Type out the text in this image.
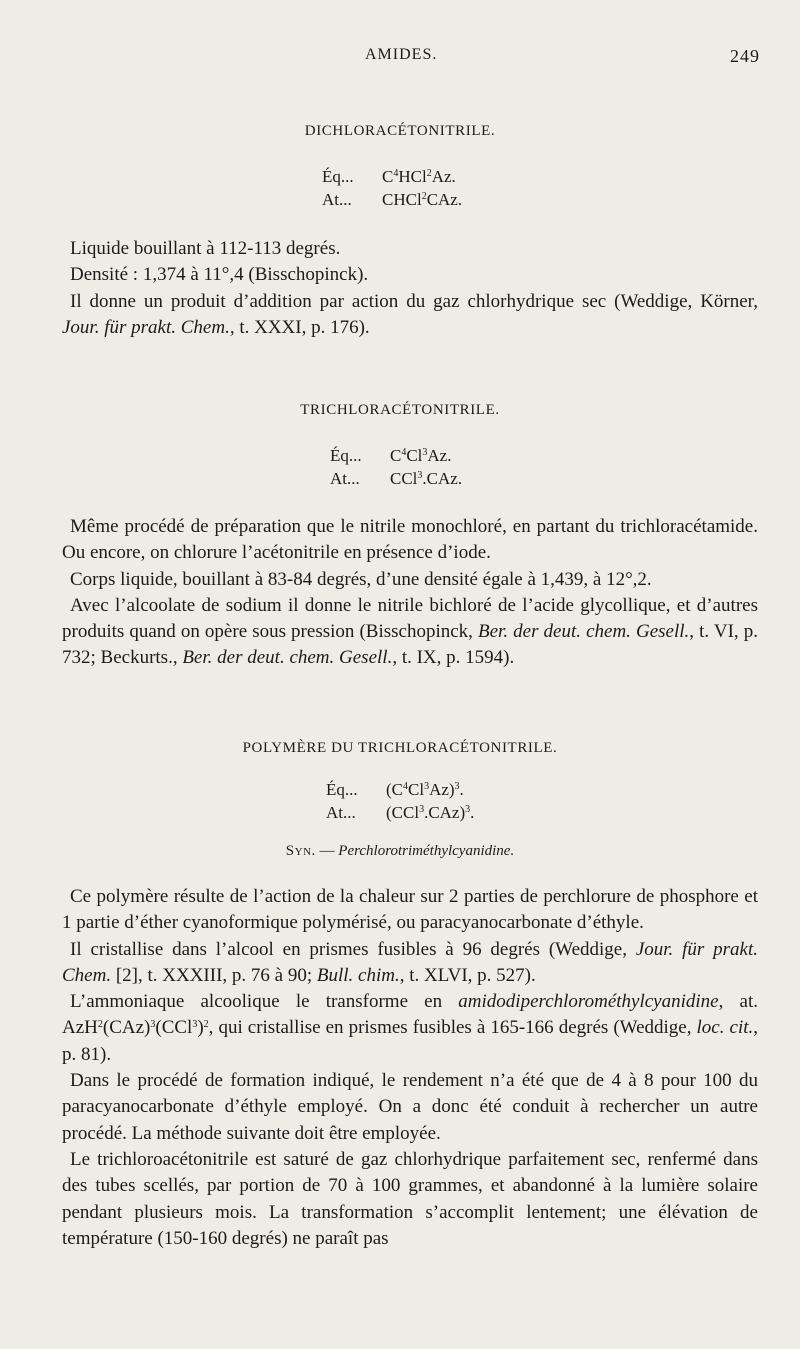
AMIDES.	249
DICHLORACÉTONITRILE.
Éq... $C^4HCl^2Az$.
At... CHCl$^2$CAz.

Liquide bouillant à 112-113 degrés.

Densité : 1,374 à 11°,4 (Bisschopinck).

Il donne un produit d’addition par action du gaz chlorhydrique sec (Weddige, Körner, Jour. für prakt. Chem., t. XXXI, p. 176).

TRICHLORACÉTONITRILE.
Éq... $C^4Cl^3Az$.
At... CCl$^3$.CAz.

Même procédé de préparation que le nitrile monochloré, en partant du trichloracétamide. Ou encore, on chlorure l’acétonitrile en présence d’iode.

Corps liquide, bouillant à 83-84 degrés, d’une densité égale à 1,439, à 12°,2.

Avec l’alcoolate de sodium il donne le nitrile bichloré de l’acide glycollique, et d’autres produits quand on opère sous pression (Bisschopinck, Ber. der deut. chem. Gesell., t. VI, p. 732; Beckurts., Ber. der deut. chem. Gesell., t. IX, p. 1594).

POLYMÈRE DU TRICHLORACÉTONITRILE.
Éq... $(C^4Cl^3Az)^3$.
At... $(CCl^3.CAz)^3$.
Syn. — Perchlorotriméthylcyanidine.

Ce polymère résulte de l’action de la chaleur sur 2 parties de perchlorure de phosphore et 1 partie d’éther cyanoformique polymérisé, ou paracyanocarbonate d’éthyle.

Il cristallise dans l’alcool en prismes fusibles à 96 degrés (Weddige, Jour. für prakt. Chem. [2], t. XXXIII, p. 76 à 90; Bull. chim., t. XLVI, p. 527).

L’ammoniaque alcoolique le transforme en amidodiperchlorométhylcyanidine, at. $AzH^2(CAz)^3(CCl^3)^2$, qui cristallise en prismes fusibles à 165-166 degrés (Weddige, loc. cit., p. 81).

Dans le procédé de formation indiqué, le rendement n’a été que de 4 à 8 pour 100 du paracyanocarbonate d’éthyle employé. On a donc été conduit à rechercher un autre procédé. La méthode suivante doit être employée.

Le trichloroacétonitrile est saturé de gaz chlorhydrique parfaitement sec, renfermé dans des tubes scellés, par portion de 70 à 100 grammes, et abandonné à la lumière solaire pendant plusieurs mois. La transformation s’accomplit lentement; une élévation de température (150-160 degrés) ne paraît pas
